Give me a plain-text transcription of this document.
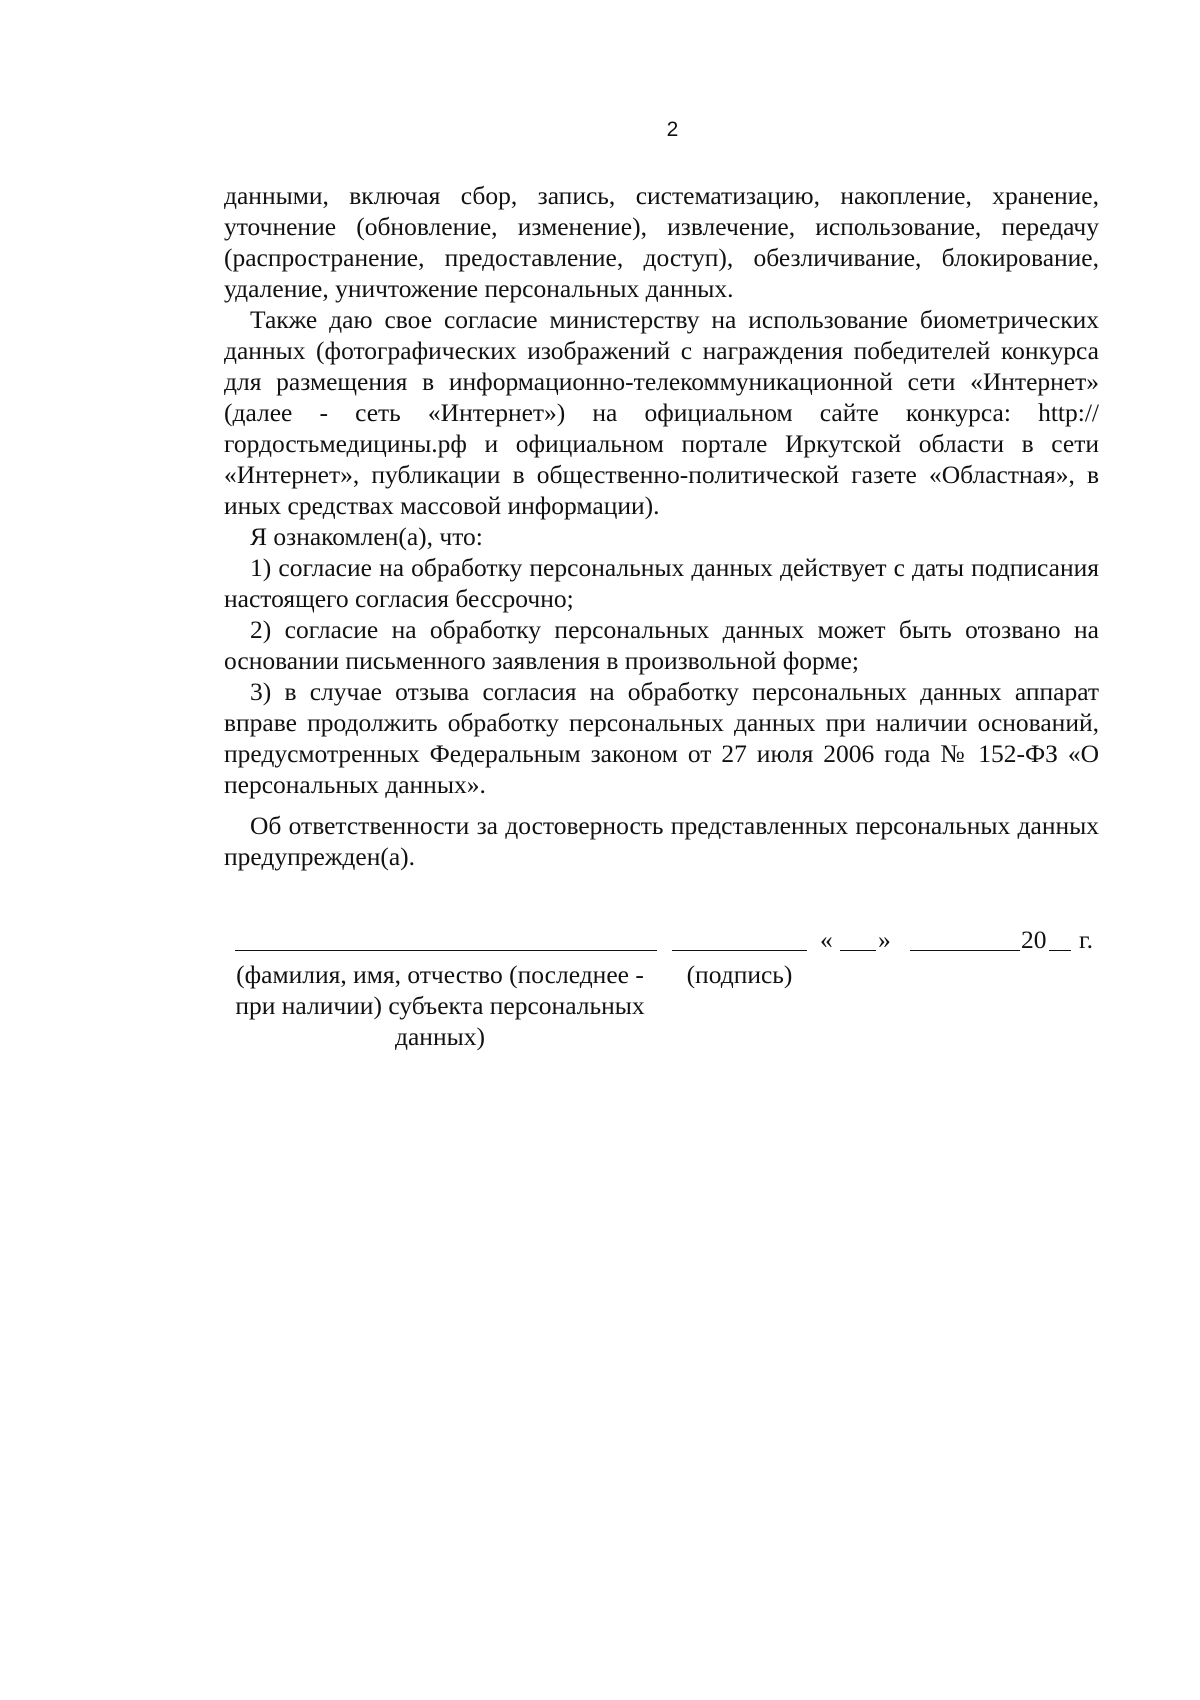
2

данными, включая сбор, запись, систематизацию, накопление, хранение, уточнение (обновление, изменение), извлечение, использование, передачу (распространение, предоставление, доступ), обезличивание, блокирование, удаление, уничтожение персональных данных.

Также даю свое согласие министерству на использование биометрических данных (фотографических изображений с награждения победителей конкурса для размещения в информационно-телекоммуникационной сети «Интернет» (далее - сеть «Интернет») на официальном сайте конкурса: http://гордостьмедицины.рф и официальном портале Иркутской области в сети «Интернет», публикации в общественно-политической газете «Областная», в иных средствах массовой информации).

Я ознакомлен(а), что:

1) согласие на обработку персональных данных действует с даты подписания настоящего согласия бессрочно;

2) согласие на обработку персональных данных может быть отозвано на основании письменного заявления в произвольной форме;

3) в случае отзыва согласия на обработку персональных данных аппарат вправе продолжить обработку персональных данных при наличии оснований, предусмотренных Федеральным законом от 27 июля 2006 года № 152-ФЗ «О персональных данных».

Об ответственности за достоверность представленных персональных данных предупрежден(а).

« »	20 г.
(фамилия, имя, отчество (последнее - при наличии) субъекта персональных данных)
(подпись)
